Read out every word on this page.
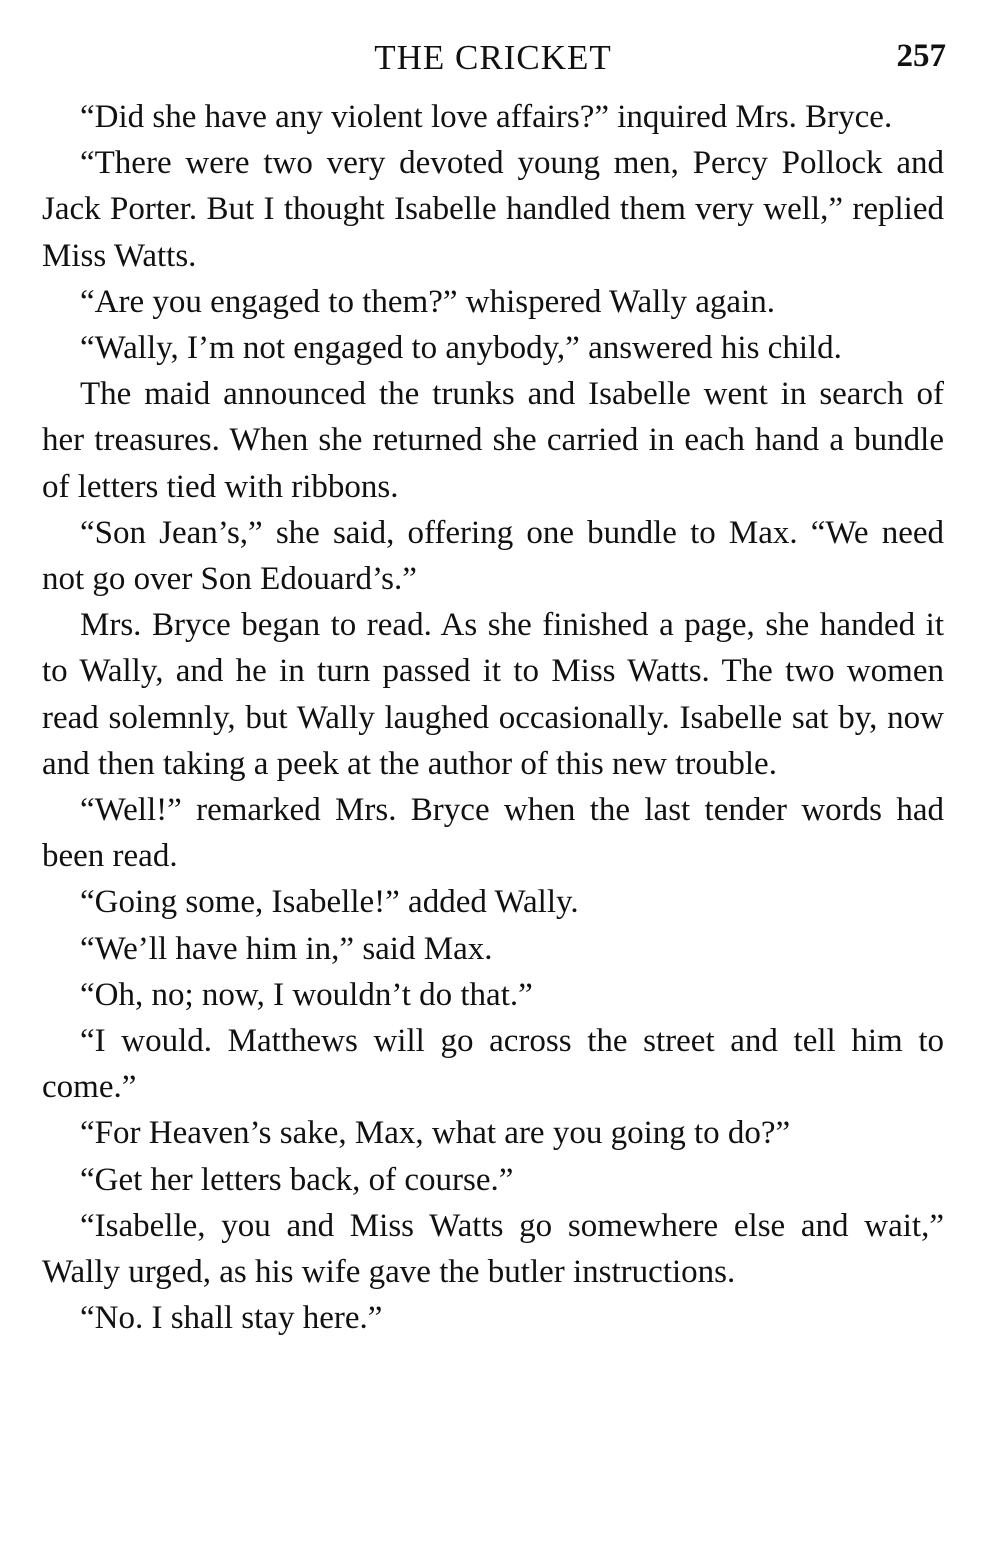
THE CRICKET	257

“Did she have any violent love affairs?” inquired Mrs. Bryce.

“There were two very devoted young men, Percy Pollock and Jack Porter. But I thought Isabelle handled them very well,” replied Miss Watts.

“Are you engaged to them?” whispered Wally again.

“Wally, I’m not engaged to anybody,” answered his child.

The maid announced the trunks and Isabelle went in search of her treasures. When she returned she carried in each hand a bundle of letters tied with ribbons.

“Son Jean’s,” she said, offering one bundle to Max. “We need not go over Son Edouard’s.”

Mrs. Bryce began to read. As she finished a page, she handed it to Wally, and he in turn passed it to Miss Watts. The two women read solemnly, but Wally laughed occasionally. Isabelle sat by, now and then taking a peek at the author of this new trouble.

“Well!” remarked Mrs. Bryce when the last tender words had been read.

“Going some, Isabelle!” added Wally.

“We’ll have him in,” said Max.

“Oh, no; now, I wouldn’t do that.”

“I would. Matthews will go across the street and tell him to come.”

“For Heaven’s sake, Max, what are you going to do?”

“Get her letters back, of course.”

“Isabelle, you and Miss Watts go somewhere else and wait,” Wally urged, as his wife gave the butler instructions.

“No. I shall stay here.”
